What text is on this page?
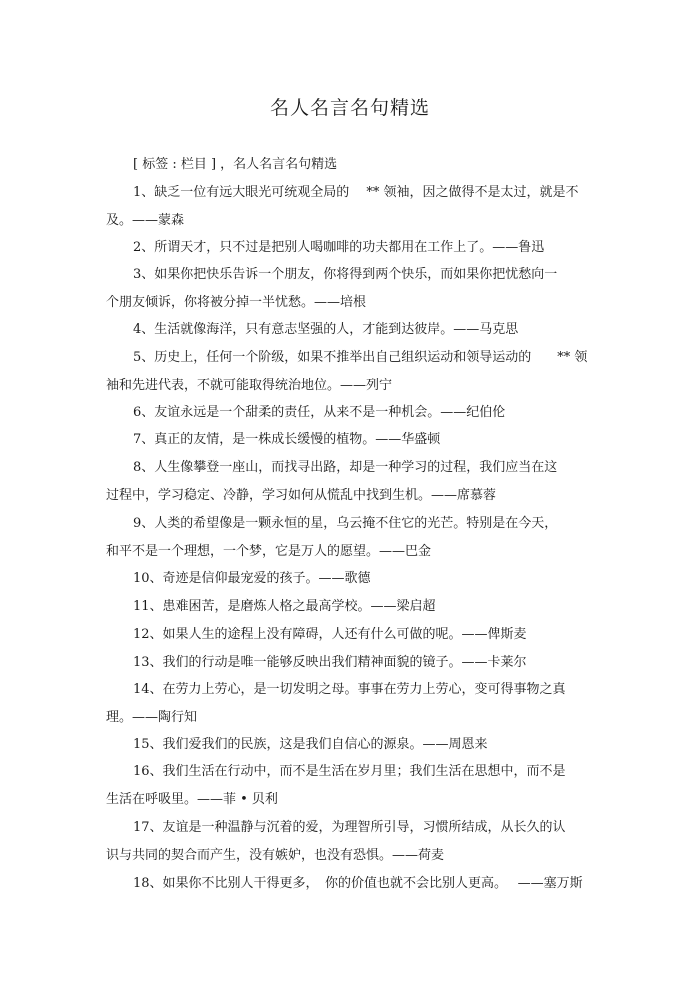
名人名言名句精选
[ 标签 : 栏目 ] ，名人名言名句精选
1、缺乏一位有远大眼光可统观全局的　 ** 领袖，因之做得不是太过，就是不
及。——蒙森
2、所谓天才，只不过是把别人喝咖啡的功夫都用在工作上了。——鲁迅
3、如果你把快乐告诉一个朋友，你将得到两个快乐，而如果你把忧愁向一
个朋友倾诉，你将被分掉一半忧愁。——培根
4、生活就像海洋，只有意志坚强的人，才能到达彼岸。——马克思
5、历史上，任何一个阶级，如果不推举出自己组织运动和领导运动的　　** 领
袖和先进代表，不就可能取得统治地位。——列宁
6、友谊永远是一个甜柔的责任，从来不是一种机会。——纪伯伦
7、真正的友情，是一株成长缓慢的植物。——华盛顿
8、人生像攀登一座山，而找寻出路，却是一种学习的过程，我们应当在这
过程中，学习稳定、冷静，学习如何从慌乱中找到生机。——席慕蓉
9、人类的希望像是一颗永恒的星，乌云掩不住它的光芒。特别是在今天，
和平不是一个理想，一个梦，它是万人的愿望。——巴金
10、奇迹是信仰最宠爱的孩子。——歌德
11、患难困苦，是磨炼人格之最高学校。——梁启超
12、如果人生的途程上没有障碍，人还有什么可做的呢。——俾斯麦
13、我们的行动是唯一能够反映出我们精神面貌的镜子。——卡莱尔
14、在劳力上劳心，是一切发明之母。事事在劳力上劳心，变可得事物之真
理。——陶行知
15、我们爱我们的民族，这是我们自信心的源泉。——周恩来
16、我们生活在行动中，而不是生活在岁月里；我们生活在思想中，而不是
生活在呼吸里。——菲 • 贝利
17、友谊是一种温静与沉着的爱，为理智所引导，习惯所结成，从长久的认
识与共同的契合而产生，没有嫉妒，也没有恐惧。——荷麦
18、如果你不比别人干得更多，　你的价值也就不会比别人更高。　 ——塞万斯
